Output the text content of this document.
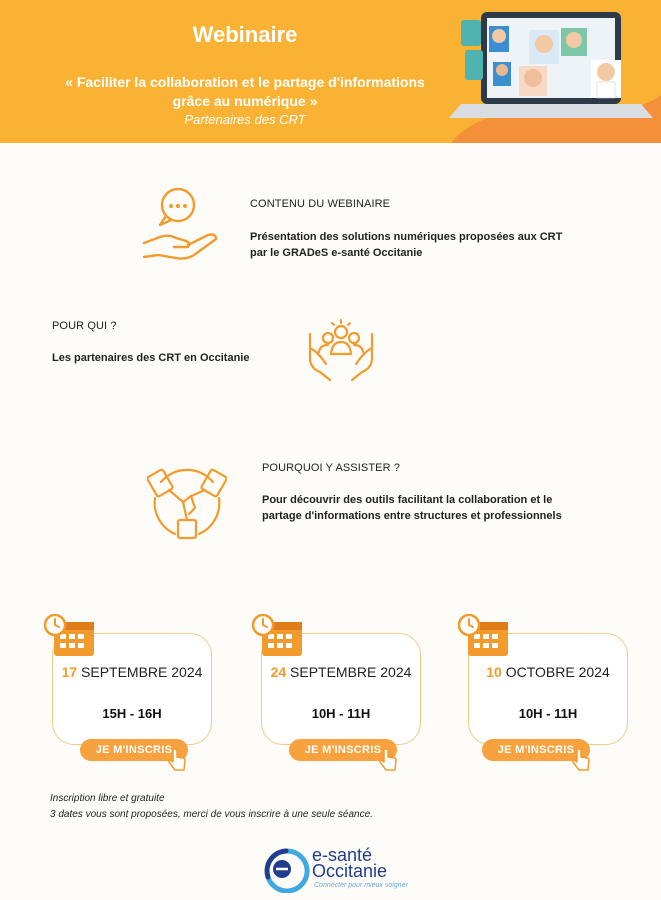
Webinaire
« Faciliter la collaboration et le partage d'informations
grâce au numérique »
Partenaires des CRT
CONTENU DU WEBINAIRE
Présentation des solutions numériques proposées aux CRT
par le GRADeS e-santé Occitanie
POUR QUI ?
Les partenaires des CRT en Occitanie
POURQUOI Y ASSISTER ?
Pour découvrir des outils facilitant la collaboration et le
partage d'informations entre structures et professionnels
17 SEPTEMBRE 2024
15H - 16H
JE M'INSCRIS
24 SEPTEMBRE 2024
10H - 11H
JE M'INSCRIS
10 OCTOBRE 2024
10H - 11H
JE M'INSCRIS
Inscription libre et gratuite
3 dates vous sont proposées, merci de vous inscrire à une seule séance.
e-santé
Occitanie
Connecter pour mieux soigner
